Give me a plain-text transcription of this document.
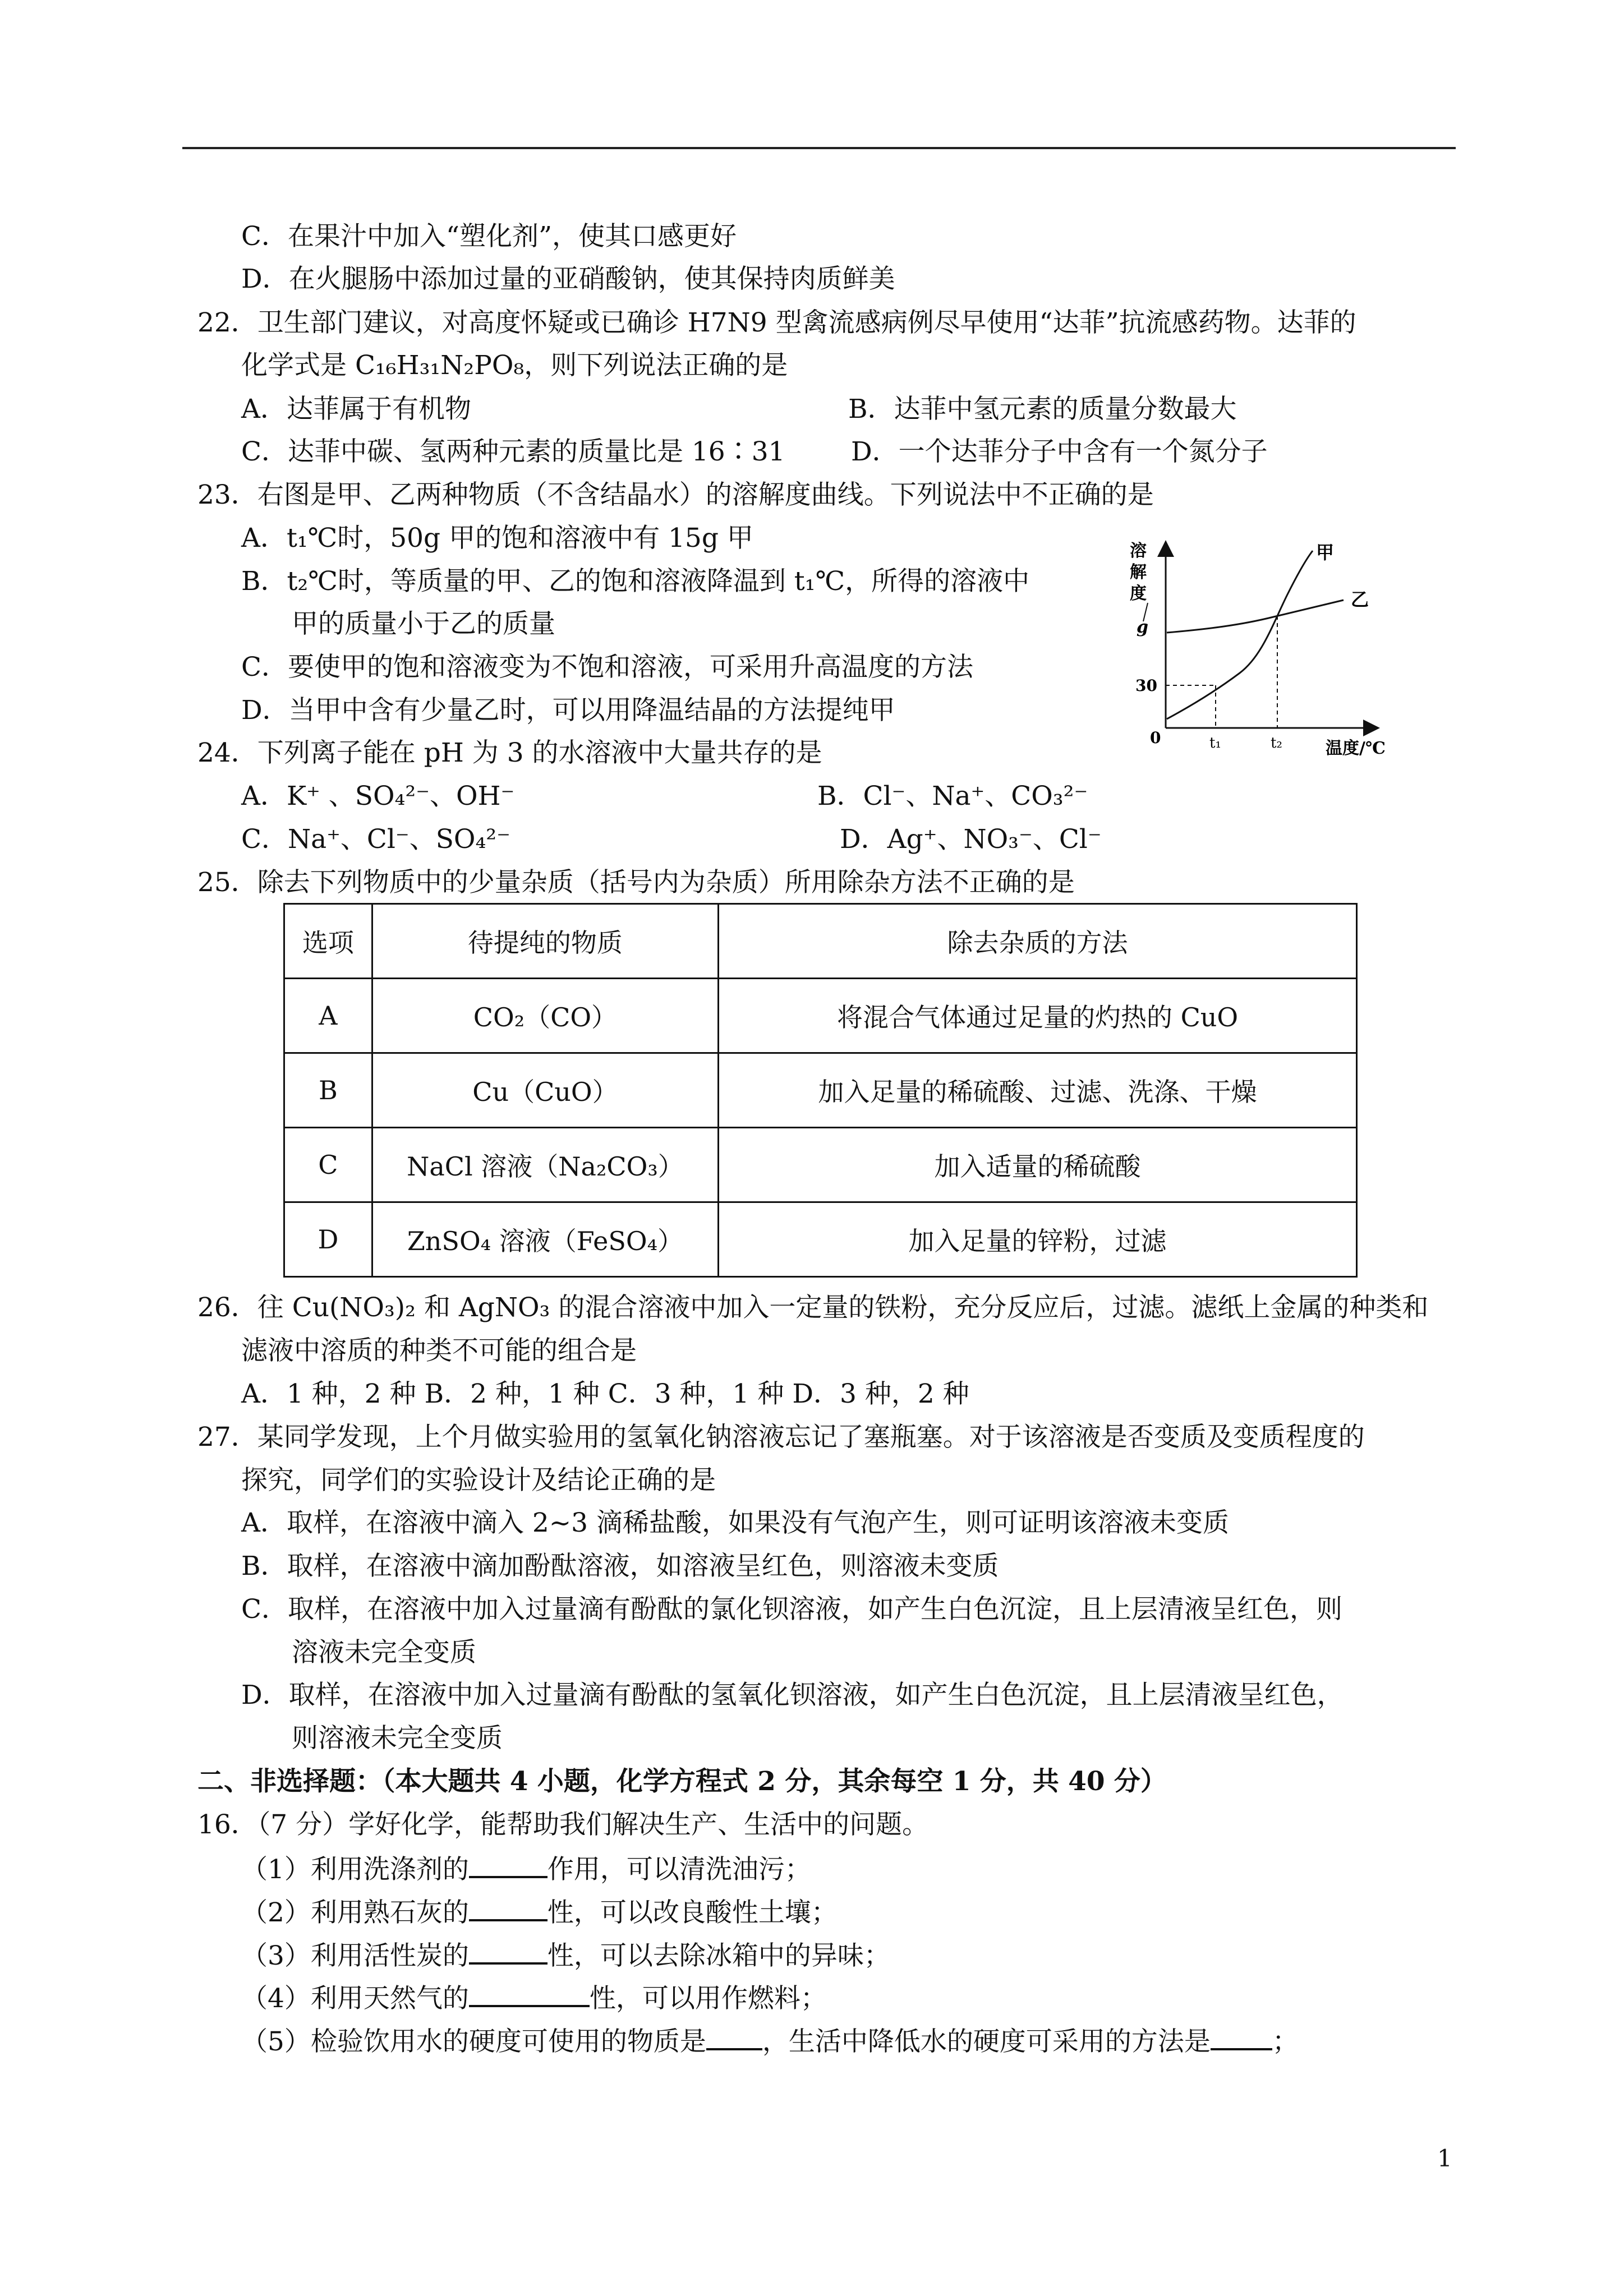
C．在果汁中加入“塑化剂”，使其口感更好
D．在火腿肠中添加过量的亚硝酸钠，使其保持肉质鲜美
22．卫生部门建议，对高度怀疑或已确诊 H7N9 型禽流感病例尽早使用“达菲”抗流感药物。达菲的
化学式是 C₁₆H₃₁N₂PO₈，则下列说法正确的是
A．达菲属于有机物	B．达菲中氢元素的质量分数最大
C．达菲中碳、氢两种元素的质量比是 16∶31 D．一个达菲分子中含有一个氮分子
23．右图是甲、乙两种物质（不含结晶水）的溶解度曲线。下列说法中不正确的是
A．t₁℃时，50g 甲的饱和溶液中有 15g 甲
B．t₂℃时，等质量的甲、乙的饱和溶液降温到 t₁℃，所得的溶液中
甲的质量小于乙的质量
C．要使甲的饱和溶液变为不饱和溶液，可采用升高温度的方法
D．当甲中含有少量乙时，可以用降温结晶的方法提纯甲
24．下列离子能在 pH 为 3 的水溶液中大量共存的是
A．K⁺ 、SO₄²⁻、OH⁻	B．Cl⁻、Na⁺、CO₃²⁻
C．Na⁺、Cl⁻、SO₄²⁻	D．Ag⁺、NO₃⁻、Cl⁻
25．除去下列物质中的少量杂质（括号内为杂质）所用除杂方法不正确的是
选项	待提纯的物质	除去杂质的方法
A	CO₂（CO）	将混合气体通过足量的灼热的 CuO
B	Cu（CuO）	加入足量的稀硫酸、过滤、洗涤、干燥
C	NaCl 溶液（Na₂CO₃）	加入适量的稀硫酸
D	ZnSO₄ 溶液（FeSO₄）	加入足量的锌粉，过滤
26．往 Cu(NO₃)₂ 和 AgNO₃ 的混合溶液中加入一定量的铁粉，充分反应后，过滤。滤纸上金属的种类和
滤液中溶质的种类不可能的组合是
A．1 种，2 种 B．2 种，1 种 C．3 种，1 种 D．3 种，2 种
27．某同学发现，上个月做实验用的氢氧化钠溶液忘记了塞瓶塞。对于该溶液是否变质及变质程度的
探究，同学们的实验设计及结论正确的是
A．取样，在溶液中滴入 2~3 滴稀盐酸，如果没有气泡产生，则可证明该溶液未变质
B．取样，在溶液中滴加酚酞溶液，如溶液呈红色，则溶液未变质
C．取样，在溶液中加入过量滴有酚酞的氯化钡溶液，如产生白色沉淀，且上层清液呈红色，则
溶液未完全变质
D．取样，在溶液中加入过量滴有酚酞的氢氧化钡溶液，如产生白色沉淀，且上层清液呈红色，
则溶液未完全变质
二、非选择题：（本大题共 4 小题，化学方程式 2 分，其余每空 1 分，共 40 分）
16．（7 分）学好化学，能帮助我们解决生产、生活中的问题。
（1）利用洗涤剂的	作用，可以清洗油污；
（2）利用熟石灰的	性，可以改良酸性土壤；
（3）利用活性炭的	性，可以去除冰箱中的异味；
（4）利用天然气的	性，可以用作燃料；
（5）检验饮用水的硬度可使用的物质是 ，生活中降低水的硬度可采用的方法是 ；
溶
解
度
g
30
0	t₁	t₂	温度/℃
甲
乙
1
